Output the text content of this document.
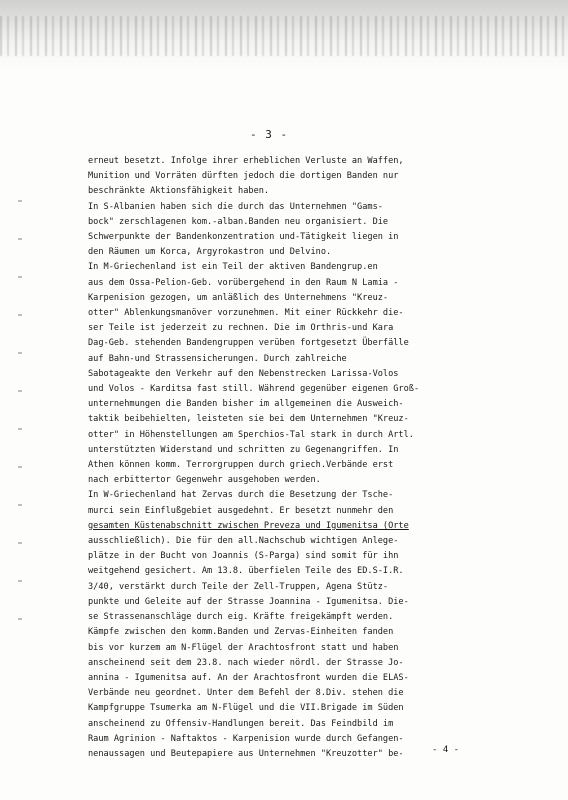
- 3 -
erneut besetzt. Infolge ihrer erheblichen Verluste an Waffen,
Munition und Vorräten dürften jedoch die dortigen Banden nur
beschränkte Aktionsfähigkeit haben.
In S-Albanien haben sich die durch das Unternehmen "Gams-
bock" zerschlagenen kom.-alban.Banden neu organisiert. Die
Schwerpunkte der Bandenkonzentration und-Tätigkeit liegen in
den Räumen um Korca, Argyrokastron und Delvino.
In M-Griechenland ist ein Teil der aktiven Bandengrup.en
aus dem Ossa-Pelion-Geb. vorübergehend in den Raum N Lamia -
Karpenision gezogen, um anläßlich des Unternehmens "Kreuz-
otter" Ablenkungsmanöver vorzunehmen. Mit einer Rückkehr die-
ser Teile ist jederzeit zu rechnen. Die im Orthris-und Kara
Dag-Geb. stehenden Bandengruppen verüben fortgesetzt Überfälle
auf Bahn-und Strassensicherungen. Durch zahlreiche
Sabotageakte den Verkehr auf den Nebenstrecken Larissa-Volos
und Volos - Karditsa fast still. Während gegenüber eigenen Groß-
unternehmungen die Banden bisher im allgemeinen die Ausweich-
taktik beibehielten, leisteten sie bei dem Unternehmen "Kreuz-
otter" in Höhenstellungen am Sperchios-Tal stark in durch Artl.
unterstützten Widerstand und schritten zu Gegenangriffen. In
Athen können komm. Terrorgruppen durch griech.Verbände erst
nach erbittertor Gegenwehr ausgehoben werden.
In W-Griechenland hat Zervas durch die Besetzung der Tsche-
murci sein Einflußgebiet ausgedehnt. Er besetzt nunmehr den
gesamten Küstenabschnitt zwischen Preveza und Igumenitsa (Orte
ausschließlich). Die für den all.Nachschub wichtigen Anlege-
plätze in der Bucht von Joannis (S-Parga) sind somit für ihn
weitgehend gesichert. Am 13.8. überfielen Teile des ED.S-I.R.
3/40, verstärkt durch Teile der Zell-Truppen, Agena Stütz-
punkte und Geleite auf der Strasse Joannina - Igumenitsa. Die-
se Strassenanschläge durch eig. Kräfte freigekämpft werden.
Kämpfe zwischen den komm.Banden und Zervas-Einheiten fanden
bis vor kurzem am N-Flügel der Arachtosfront statt und haben
anscheinend seit dem 23.8. nach wieder nördl. der Strasse Jo-
annina - Igumenitsa auf. An der Arachtosfront wurden die ELAS-
Verbände neu geordnet. Unter dem Befehl der 8.Div. stehen die
Kampfgruppe Tsumerka am N-Flügel und die VII.Brigade im Süden
anscheinend zu Offensiv-Handlungen bereit. Das Feindbild im
Raum Agrinion - Naftaktos - Karpenision wurde durch Gefangen-
nenaussagen und Beutepapiere aus Unternehmen "Kreuzotter" be-	- 4 -
